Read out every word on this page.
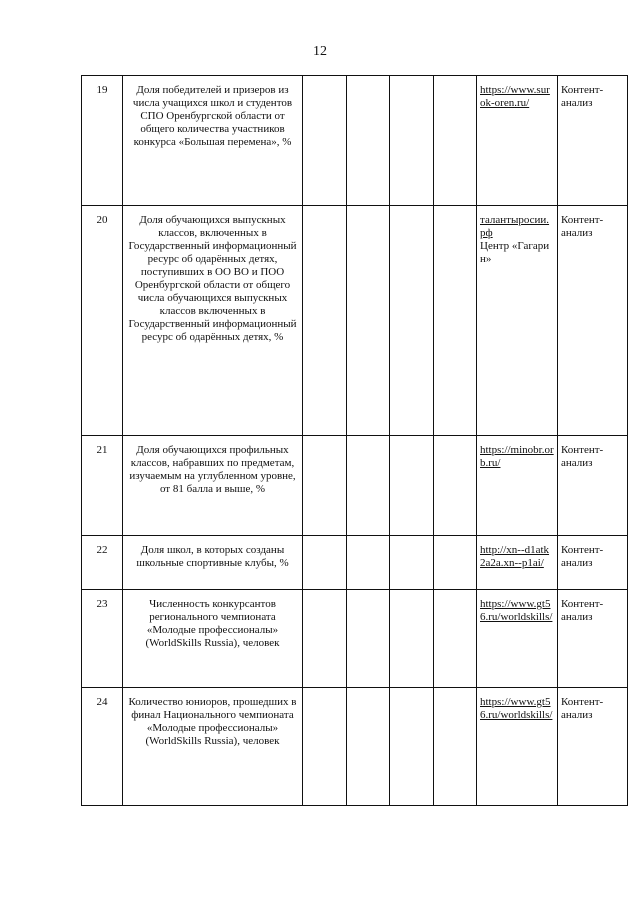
12
19	Доля победителей и призеров из числа учащихся школ и студентов СПО Оренбургской области от общего количества участников конкурса «Большая перемена», %					https://www.surok-oren.ru/	Контент-анализ
20	Доля обучающихся выпускных классов, включенных в Государственный информационный ресурс об одарённых детях, поступивших в ОО ВО и ПОО Оренбургской области от общего числа обучающихся выпускных классов включенных в Государственный информационный ресурс об одарённых детях, %					талантыросии.рф
Центр «Гагарин»	Контент-анализ
21	Доля обучающихся профильных классов, набравших по предметам, изучаемым на углубленном уровне, от 81 балла и выше, %					https://minobr.orb.ru/	Контент-анализ
22	Доля школ, в которых созданы школьные спортивные клубы, %					http://xn--d1atk2a2a.xn--p1ai/	Контент-анализ
23	Численность конкурсантов регионального чемпионата «Молодые профессионалы» (WorldSkills Russia), человек					https://www.gt56.ru/worldskills/	Контент-анализ
24	Количество юниоров, прошедших в финал Национального чемпионата «Молодые профессионалы» (WorldSkills Russia), человек					https://www.gt56.ru/worldskills/	Контент-анализ
